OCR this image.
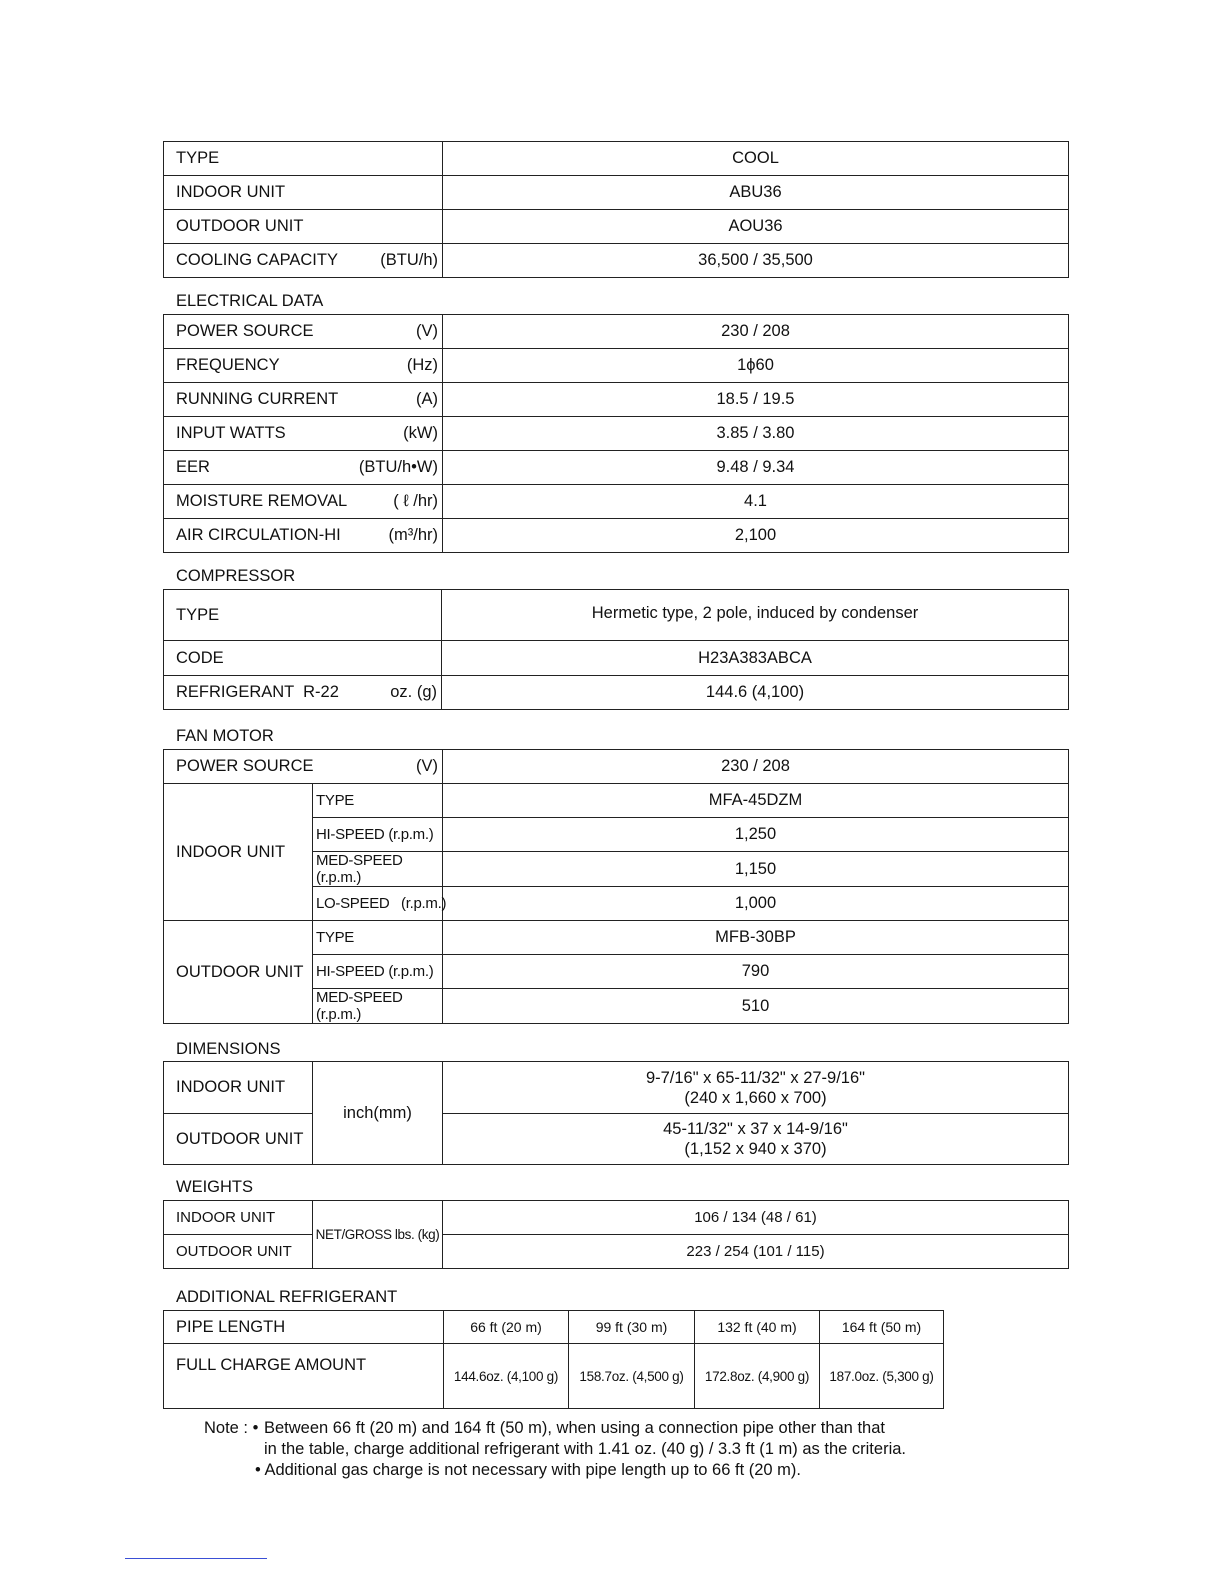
TYPE	COOL

INDOOR UNIT	ABU36

OUTDOOR UNIT	AOU36

COOLING CAPACITY (BTU/h)	36,500 / 35,500

ELECTRICAL DATA

POWER SOURCE (V)	230 / 208

FREQUENCY (Hz)	1ϕ60

RUNNING CURRENT (A)	18.5 / 19.5

INPUT WATTS (kW)	3.85 / 3.80

EER (BTU/h•W)	9.48 / 9.34

MOISTURE REMOVAL ( ℓ /hr)	4.1

AIR CIRCULATION-HI (m³/hr)	2,100

COMPRESSOR

TYPE	Hermetic type, 2 pole, induced by condenser

CODE	H23A383ABCA

REFRIGERANT  R-22 oz. (g)	144.6 (4,100)

FAN MOTOR

POWER SOURCE (V)		230 / 208
INDOOR UNIT	TYPE	MFA-45DZM
	HI-SPEED (r.p.m.)	1,250
	MED-SPEED (r.p.m.)	1,150
	LO-SPEED   (r.p.m.)	1,000
OUTDOOR UNIT	TYPE	MFB-30BP
	HI-SPEED (r.p.m.)	790
	MED-SPEED (r.p.m.)	510

DIMENSIONS

INDOOR UNIT	inch(mm)	9-7/16" x 65-11/32" x 27-9/16"
(240 x 1,660 x 700)

OUTDOOR UNIT		45-11/32" x 37 x 14-9/16"
(1,152 x 940 x 370)

WEIGHTS

INDOOR UNIT	NET/GROSS lbs. (kg)	106 / 134 (48 / 61)
OUTDOOR UNIT		223 / 254 (101 / 115)

ADDITIONAL REFRIGERANT

PIPE LENGTH	66 ft (20 m)	99 ft (30 m)	132 ft (40 m)	164 ft (50 m)
FULL CHARGE AMOUNT	144.6oz. (4,100 g)	158.7oz. (4,500 g)	172.8oz. (4,900 g)	187.0oz. (5,300 g)
Note : • Between 66 ft (20 m) and 164 ft (50 m), when using a connection pipe other than that
in the table, charge additional refrigerant with 1.41 oz. (40 g) / 3.3 ft (1 m) as the criteria.
• Additional gas charge is not necessary with pipe length up to 66 ft (20 m).
